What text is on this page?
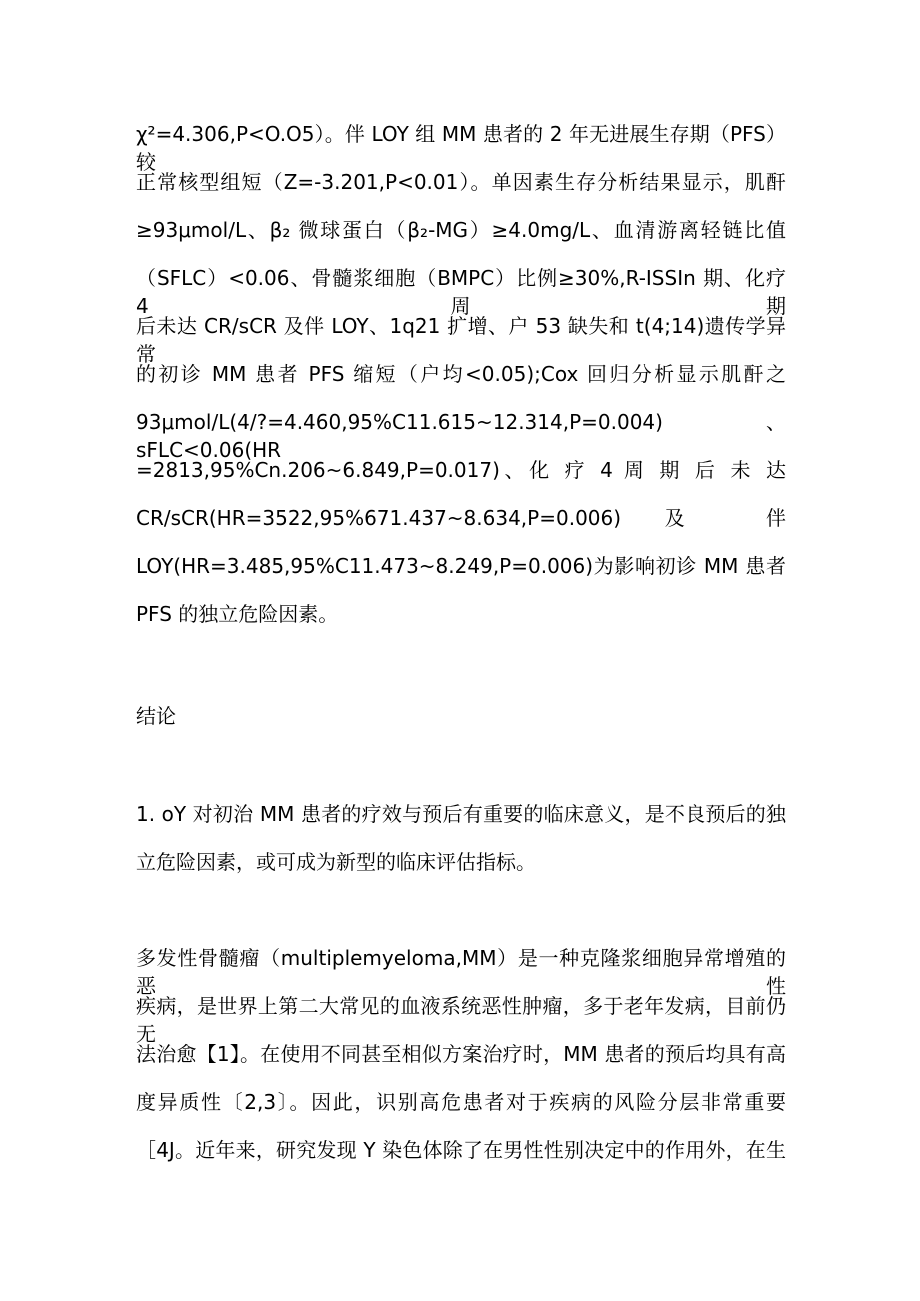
χ²=4.306,P<O.O5）。伴 LOY 组 MM 患者的 2 年无进展生存期（PFS）较
正常核型组短（Z=-3.201,P<0.01）。单因素生存分析结果显示，肌酐
≥93μmol/L、β₂ 微球蛋白（β₂-MG）≥4.0mg/L、血清游离轻链比值
（SFLC）<0.06、骨髓浆细胞（BMPC）比例≥30%,R-ISSIn 期、化疗 4 周期
后未达 CR/sCR 及伴 LOY、1q21 扩增、户 53 缺失和 t(4;14)遗传学异常
的初诊 MM 患者 PFS 缩短（户均<0.05);Cox 回归分析显示肌酐之
93μmol/L(4/?=4.460,95%C11.615~12.314,P=0.004)、sFLC<0.06(HR
=2813,95%Cn.206~6.849,P=0.017)、化 疗 4 周 期 后 未 达
CR/sCR(HR=3522,95%671.437~8.634,P=0.006) 及 伴
LOY(HR=3.485,95%C11.473~8.249,P=0.006)为影响初诊 MM 患者
PFS 的独立危险因素。
结论
1. oY 对初治 MM 患者的疗效与预后有重要的临床意义，是不良预后的独
立危险因素，或可成为新型的临床评估指标。
多发性骨髓瘤（multiplemyeloma,MM）是一种克隆浆细胞异常增殖的恶性
疾病，是世界上第二大常见的血液系统恶性肿瘤，多于老年发病，目前仍无
法治愈【1】。在使用不同甚至相似方案治疗时，MM 患者的预后均具有高
度异质性〔2,3〕。因此，识别高危患者对于疾病的风险分层非常重要
［4J。近年来，研究发现 Y 染色体除了在男性性别决定中的作用外，在生
